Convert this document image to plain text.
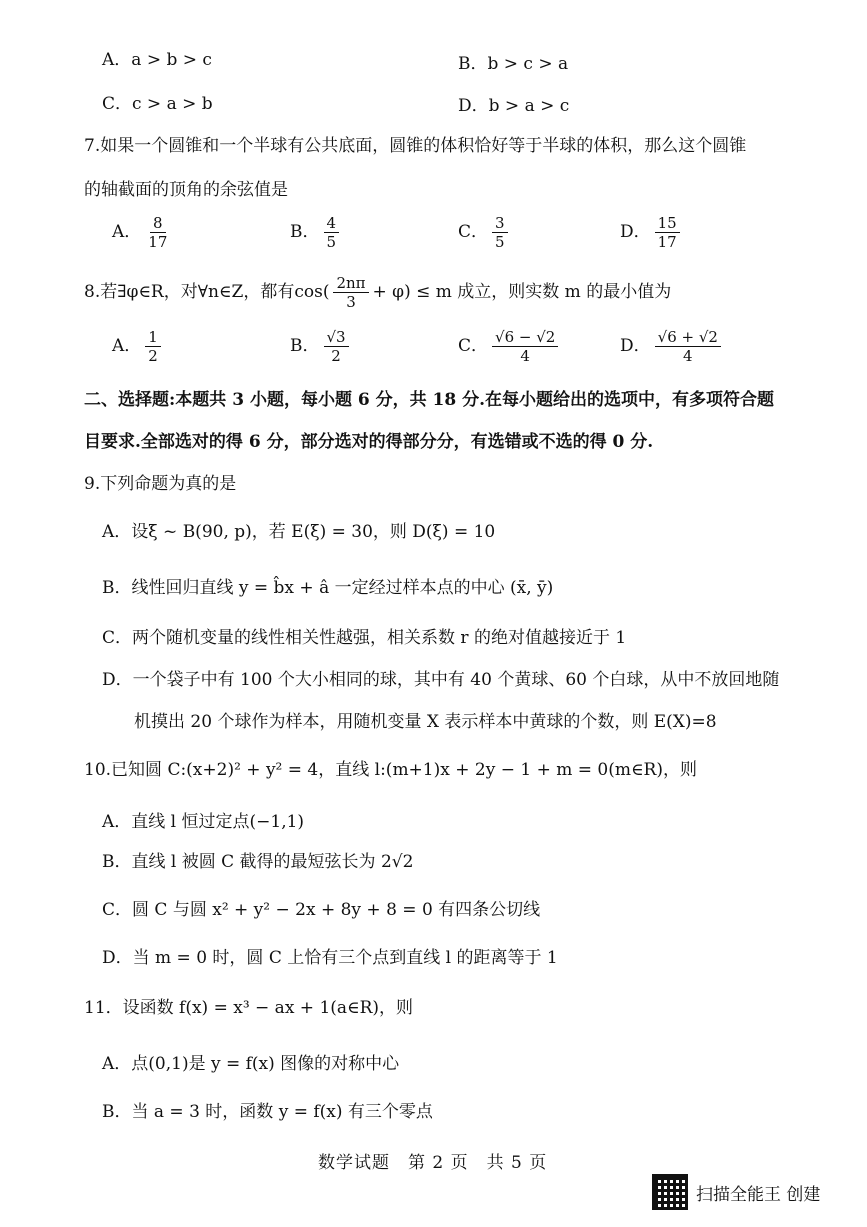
A．a > b > c	B．b > c > a
C．c > a > b	D．b > a > c
7.如果一个圆锥和一个半球有公共底面，圆锥的体积恰好等于半球的体积，那么这个圆锥
的轴截面的顶角的余弦值是
A． $\frac{8}{17}$	B． $\frac{4}{5}$	C． $\frac{3}{5}$	D． $\frac{15}{17}$
8.若∃φ∈R，对∀n∈Z，都有$\cos( \frac{2n\pi}{3} + \varphi) \le m$ 成立，则实数 m 的最小值为
A． $\frac{1}{2}$	B． $\frac{√3}{2}$	C． $\frac{√6 - √2}{4}$	D． $\frac{√6 + √2}{4}$
二、选择题:本题共 3 小题，每小题 6 分，共 18 分.在每小题给出的选项中，有多项符合题
目要求.全部选对的得 6 分，部分选对的得部分分，有选错或不选的得 0 分.
9.下列命题为真的是
A．设ξ ~ B(90, p)，若 E(ξ) = 30，则 D(ξ) = 10
B．线性回归直线 y = b̂x + â 一定经过样本点的中心 (x̄, ȳ)
C．两个随机变量的线性相关性越强，相关系数 r 的绝对值越接近于 1
D．一个袋子中有 100 个大小相同的球，其中有 40 个黄球、60 个白球，从中不放回地随
机摸出 20 个球作为样本，用随机变量 X 表示样本中黄球的个数，则 E(X)=8
10.已知圆 C:(x+2)² + y² = 4，直线 l:(m+1)x + 2y − 1 + m = 0(m∈R)，则
A．直线 l 恒过定点(−1,1)
B．直线 l 被圆 C 截得的最短弦长为 2√2
C．圆 C 与圆 x² + y² − 2x + 8y + 8 = 0 有四条公切线
D．当 m = 0 时，圆 C 上恰有三个点到直线 l 的距离等于 1
11．设函数 f(x) = x³ − ax + 1(a∈R)，则
A．点(0,1)是 y = f(x) 图像的对称中心
B．当 a = 3 时，函数 y = f(x) 有三个零点
数学试题　第 2 页　共 5 页
扫描全能王 创建
